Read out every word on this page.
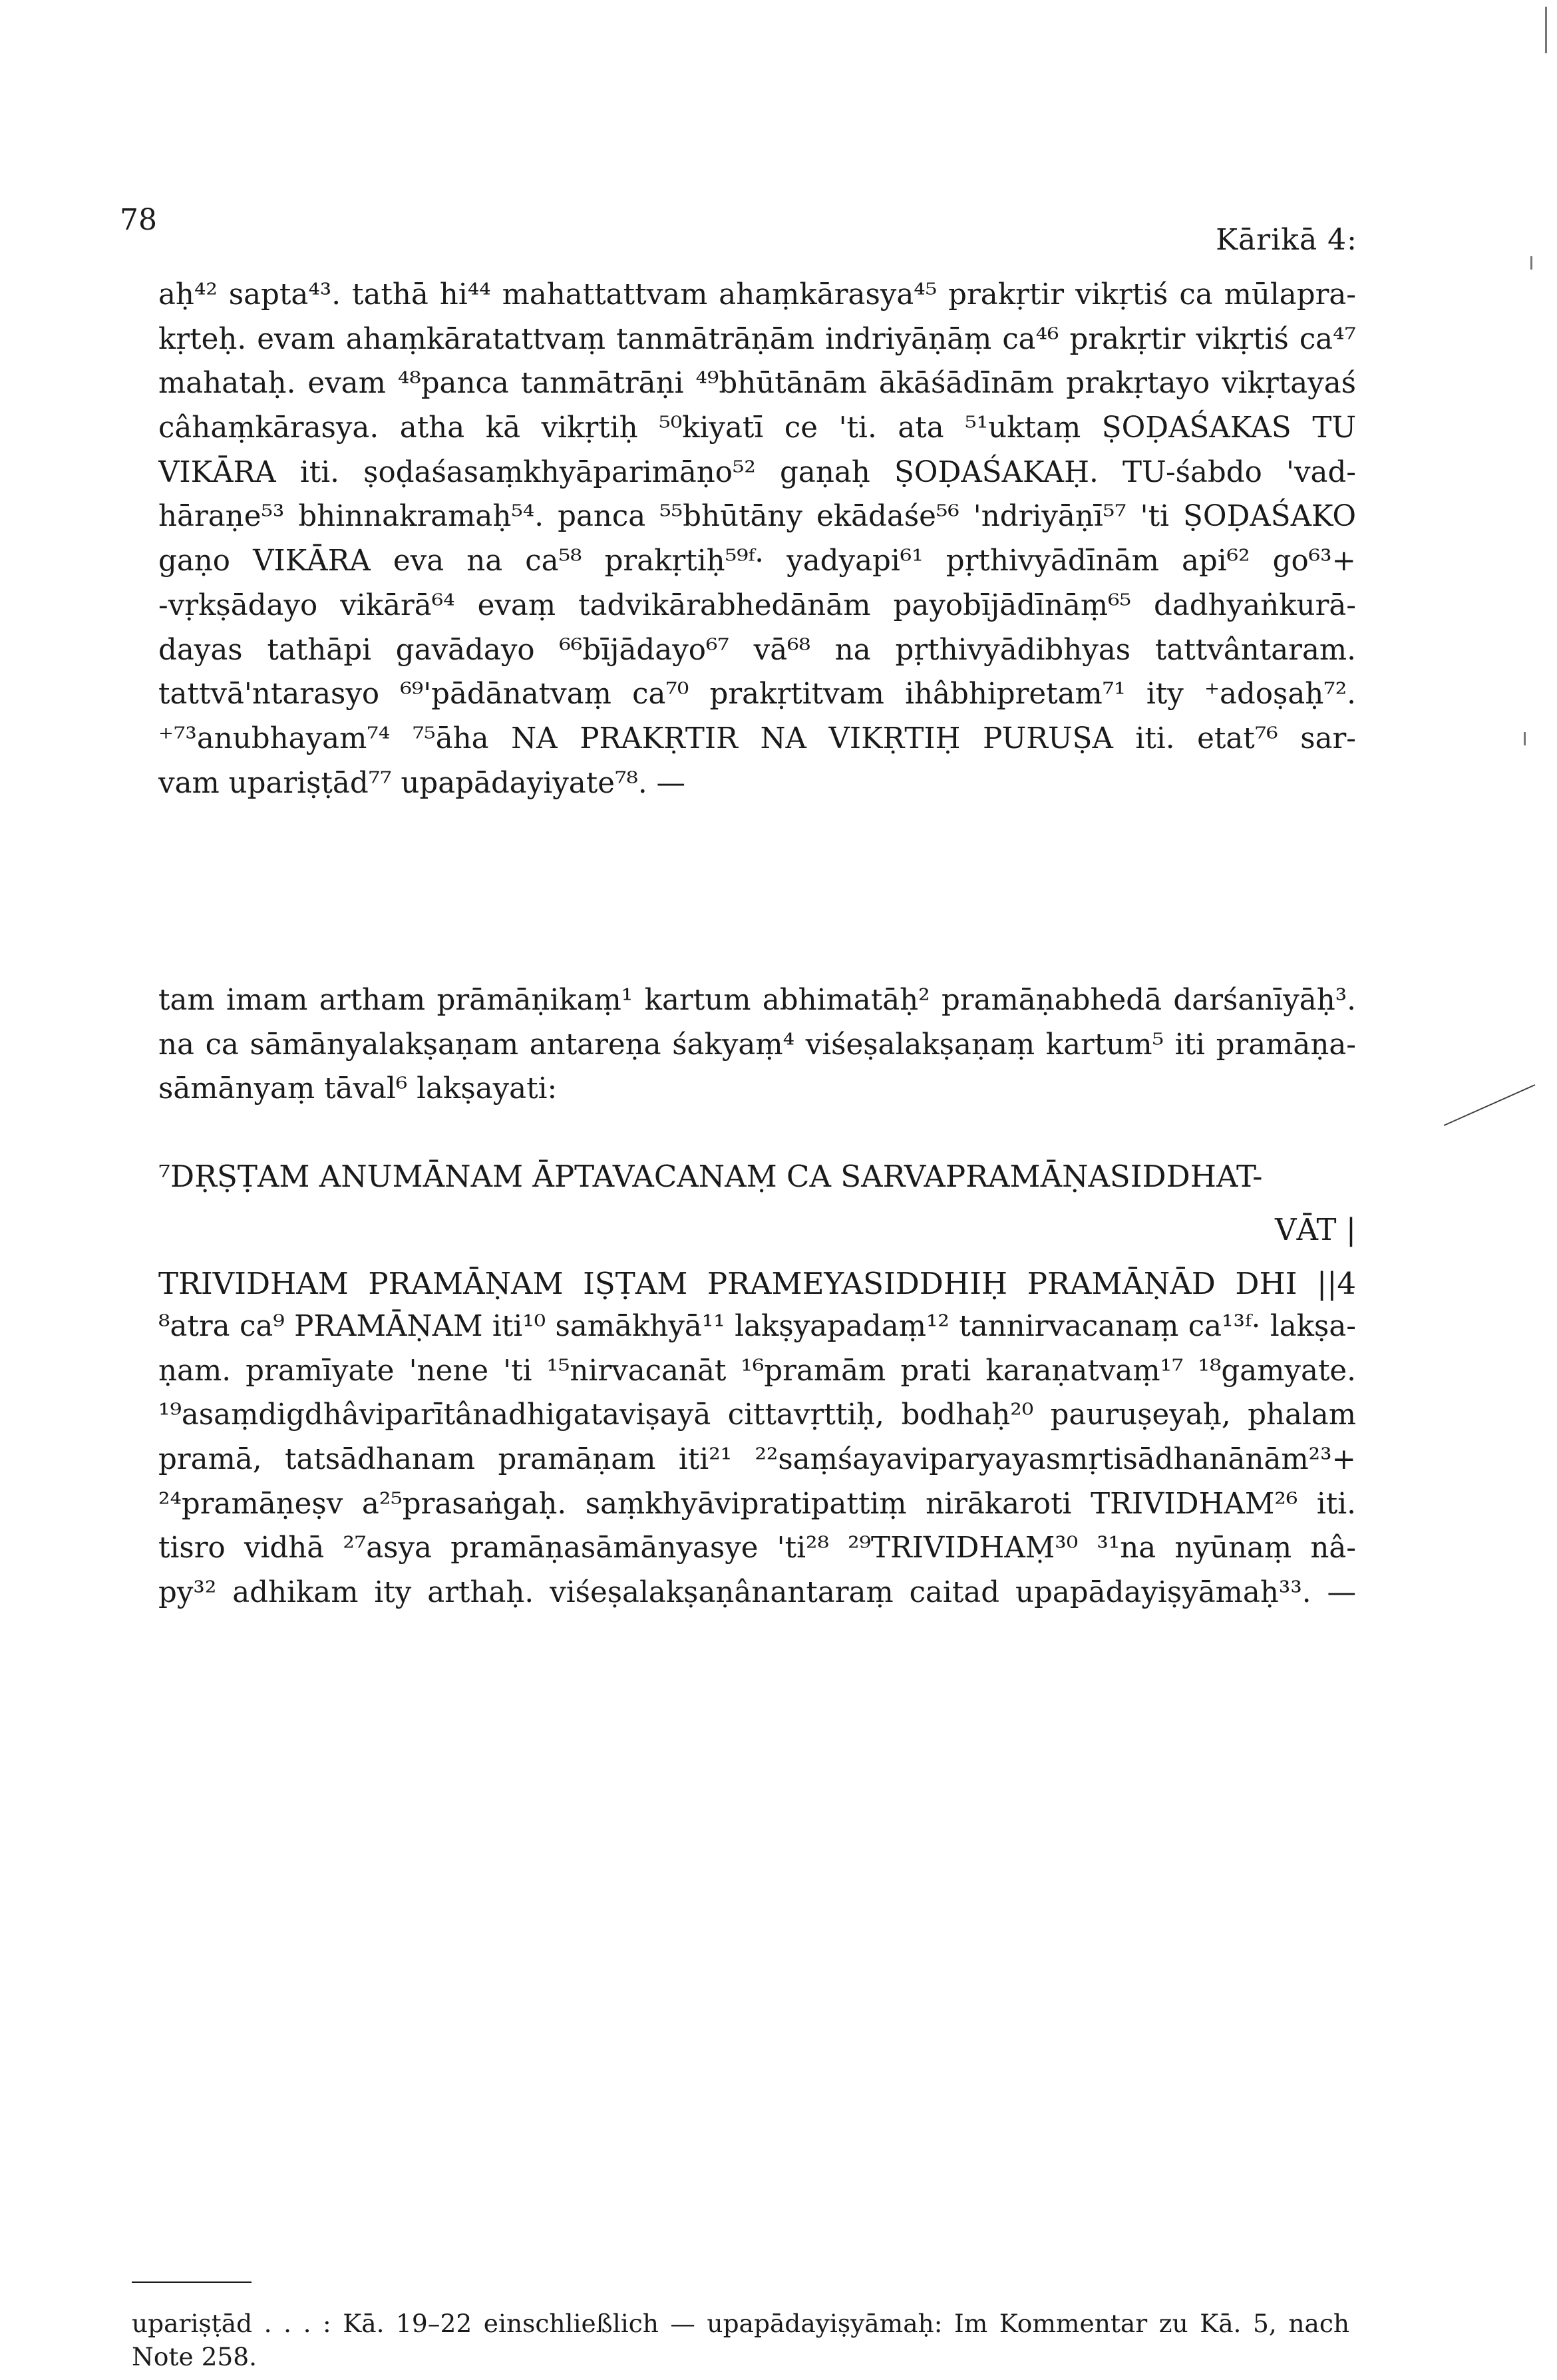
78
Kārikā 4:
aḥ⁴² sapta⁴³. tathā hi⁴⁴ mahattattvam ahaṃkārasya⁴⁵ prakṛtir vikṛtiś ca mūlapra-
kṛteḥ. evam ahaṃkāratattvaṃ tanmātrāṇām indriyāṇāṃ ca⁴⁶ prakṛtir vikṛtiś ca⁴⁷
mahataḥ. evam ⁴⁸panca tanmātrāṇi ⁴⁹bhūtānām ākāśādīnām prakṛtayo vikṛtayaś
câhaṃkārasya. atha kā vikṛtiḥ ⁵⁰kiyatī ce 'ti. ata ⁵¹uktaṃ ṢOḌAŚAKAS TU
VIKĀRA iti. ṣoḍaśasaṃkhyāparimāṇo⁵² gaṇaḥ ṢOḌAŚAKAḤ. TU-śabdo 'vad-
hāraṇe⁵³ bhinnakramaḥ⁵⁴. panca ⁵⁵bhūtāny ekādaśe⁵⁶ 'ndriyāṇī⁵⁷ 'ti ṢOḌAŚAKO
gaṇo VIKĀRA eva na ca⁵⁸ prakṛtiḥ⁵⁹ᶠ· yadyapi⁶¹ pṛthivyādīnām api⁶² go⁶³+
-vṛkṣādayo vikārā⁶⁴ evaṃ tadvikārabhedānām payobījādīnāṃ⁶⁵ dadhyaṅkurā-
dayas tathāpi gavādayo ⁶⁶bījādayo⁶⁷ vā⁶⁸ na pṛthivyādibhyas tattvântaram.
tattvā'ntarasyo ⁶⁹'pādānatvaṃ ca⁷⁰ prakṛtitvam ihâbhipretam⁷¹ ity ⁺adoṣaḥ⁷².
⁺⁷³anubhayam⁷⁴ ⁷⁵āha NA PRAKṚTIR NA VIKṚTIḤ PURUṢA iti. etat⁷⁶ sar-
vam upariṣṭād⁷⁷ upapādayiyate⁷⁸. —
tam imam artham prāmāṇikaṃ¹ kartum abhimatāḥ² pramāṇabhedā darśanīyāḥ³.
na ca sāmānyalakṣaṇam antareṇa śakyaṃ⁴ viśeṣalakṣaṇaṃ kartum⁵ iti pramāṇa-
sāmānyaṃ tāval⁶ lakṣayati:
⁷DṚṢṬAM ANUMĀNAM ĀPTAVACANAṂ CA SARVAPRAMĀṆASIDDHAT-
VĀT |
TRIVIDHAM PRAMĀṆAM IṢṬAM PRAMEYASIDDHIḤ PRAMĀṆĀD DHI ||4
⁸atra ca⁹ PRAMĀṆAM iti¹⁰ samākhyā¹¹ lakṣyapadaṃ¹² tannirvacanaṃ ca¹³ᶠ· lakṣa-
ṇam. pramīyate 'nene 'ti ¹⁵nirvacanāt ¹⁶pramām prati karaṇatvaṃ¹⁷ ¹⁸gamyate.
¹⁹asaṃdigdhâviparītânadhigataviṣayā cittavṛttiḥ, bodhaḥ²⁰ pauruṣeyaḥ, phalam
pramā, tatsādhanam pramāṇam iti²¹ ²²saṃśayaviparyayasmṛtisādhanānām²³+
²⁴pramāṇeṣv a²⁵prasaṅgaḥ. saṃkhyāvipratipattiṃ nirākaroti TRIVIDHAM²⁶ iti.
tisro vidhā ²⁷asya pramāṇasāmānyasye 'ti²⁸ ²⁹TRIVIDHAṂ³⁰ ³¹na nyūnaṃ nâ-
py³² adhikam ity arthaḥ. viśeṣalakṣaṇânantaraṃ caitad upapādayiṣyāmaḥ³³. —
upariṣṭād . . . : Kā. 19–22 einschließlich — upapādayiṣyāmaḥ: Im Kommentar zu Kā. 5, nach
Note 258.
